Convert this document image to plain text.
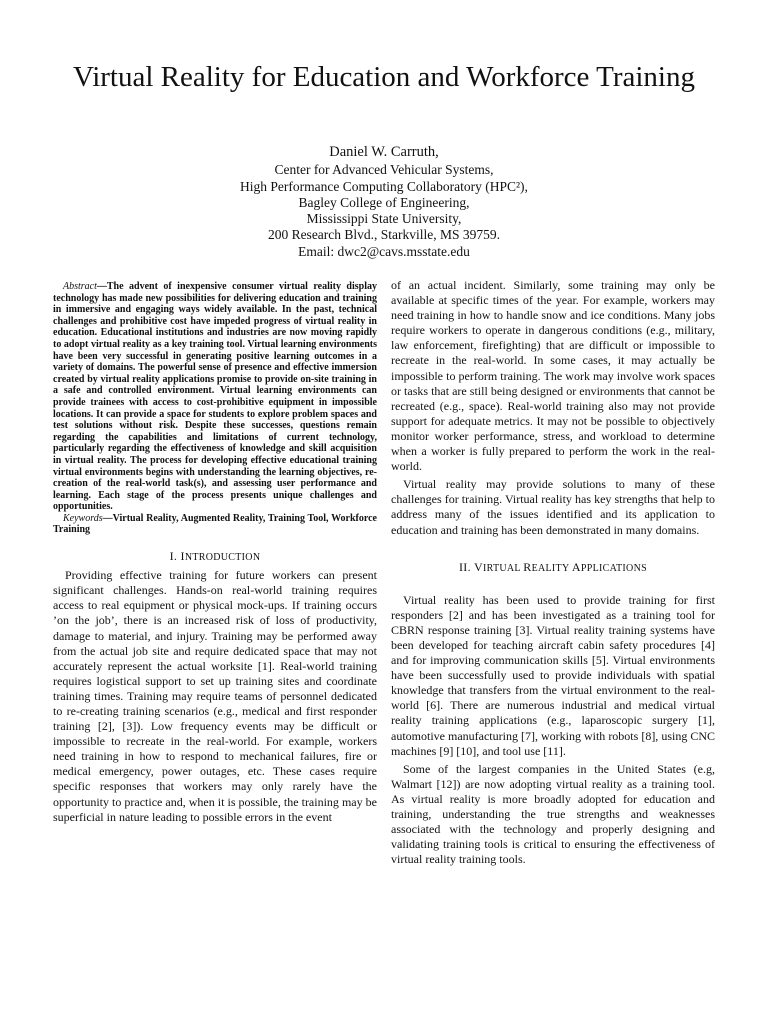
Virtual Reality for Education and Workforce Training
Daniel W. Carruth,
Center for Advanced Vehicular Systems,
High Performance Computing Collaboratory (HPC²),
Bagley College of Engineering,
Mississippi State University,
200 Research Blvd., Starkville, MS 39759.
Email: dwc2@cavs.msstate.edu

Abstract—The advent of inexpensive consumer virtual reality display technology has made new possibilities for delivering education and training in immersive and engaging ways widely available. In the past, technical challenges and prohibitive cost have impeded progress of virtual reality in education. Educational institutions and industries are now moving rapidly to adopt virtual reality as a key training tool. Virtual learning environments have been very successful in generating positive learning outcomes in a variety of domains. The powerful sense of presence and effective immersion created by virtual reality applications promise to provide on-site training in a safe and controlled environment. Virtual learning environments can provide trainees with access to cost-prohibitive equipment in impossible locations. It can provide a space for students to explore problem spaces and test solutions without risk. Despite these successes, questions remain regarding the capabilities and limitations of current technology, particularly regarding the effectiveness of knowledge and skill acquisition in virtual reality. The process for developing effective educational training virtual environments begins with understanding the learning objectives, re-creation of the real-world task(s), and assessing user performance and learning. Each stage of the process presents unique challenges and opportunities.

Keywords—Virtual Reality, Augmented Reality, Training Tool, Workforce Training

I. INTRODUCTION

Providing effective training for future workers can present significant challenges. Hands-on real-world training requires access to real equipment or physical mock-ups. If training occurs ’on the job’, there is an increased risk of loss of productivity, damage to material, and injury. Training may be performed away from the actual job site and require dedicated space that may not accurately represent the actual worksite [1]. Real-world training requires logistical support to set up training sites and coordinate training times. Training may require teams of personnel dedicated to re-creating training scenarios (e.g., medical and first responder training [2], [3]). Low frequency events may be difficult or impossible to recreate in the real-world. For example, workers need training in how to respond to mechanical failures, fire or medical emergency, power outages, etc. These cases require specific responses that workers may only rarely have the opportunity to practice and, when it is possible, the training may be superficial in nature leading to possible errors in the event

of an actual incident. Similarly, some training may only be available at specific times of the year. For example, workers may need training in how to handle snow and ice conditions. Many jobs require workers to operate in dangerous conditions (e.g., military, law enforcement, firefighting) that are difficult or impossible to recreate in the real-world. In some cases, it may actually be impossible to perform training. The work may involve work spaces or tasks that are still being designed or environments that cannot be recreated (e.g., space). Real-world training also may not provide support for adequate metrics. It may not be possible to objectively monitor worker performance, stress, and workload to determine when a worker is fully prepared to perform the work in the real-world.

Virtual reality may provide solutions to many of these challenges for training. Virtual reality has key strengths that help to address many of the issues identified and its application to education and training has been demonstrated in many domains.

II. VIRTUAL REALITY APPLICATIONS

Virtual reality has been used to provide training for first responders [2] and has been investigated as a training tool for CBRN response training [3]. Virtual reality training systems have been developed for teaching aircraft cabin safety procedures [4] and for improving communication skills [5]. Virtual environments have been successfully used to provide individuals with spatial knowledge that transfers from the virtual environment to the real-world [6]. There are numerous industrial and medical virtual reality training applications (e.g., laparoscopic surgery [1], automotive manufacturing [7], working with robots [8], using CNC machines [9] [10], and tool use [11].

Some of the largest companies in the United States (e.g, Walmart [12]) are now adopting virtual reality as a training tool. As virtual reality is more broadly adopted for education and training, understanding the true strengths and weaknesses associated with the technology and properly designing and validating training tools is critical to ensuring the effectiveness of virtual reality training tools.
